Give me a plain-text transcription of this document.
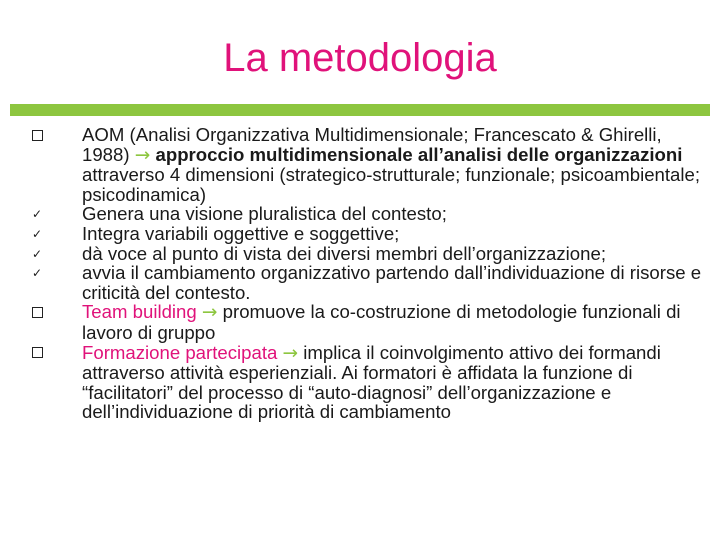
La metodologia
AOM (Analisi Organizzativa Multidimensionale; Francescato & Ghirelli, 1988) → approccio multidimensionale all’analisi delle organizzazioni attraverso 4 dimensioni (strategico-strutturale; funzionale; psicoambientale; psicodinamica)
✓	Genera una visione pluralistica del contesto;
✓	Integra variabili oggettive e soggettive;
✓	dà voce al punto di vista dei diversi membri dell’organizzazione;
✓	avvia il cambiamento organizzativo partendo dall’individuazione di risorse e criticità del contesto.
Team building → promuove la co-costruzione di metodologie funzionali di lavoro di gruppo
Formazione partecipata → implica il coinvolgimento attivo dei formandi attraverso attività esperienziali. Ai formatori è affidata la funzione di “facilitatori” del processo di “auto-diagnosi” dell’organizzazione e dell’individuazione di priorità di cambiamento
